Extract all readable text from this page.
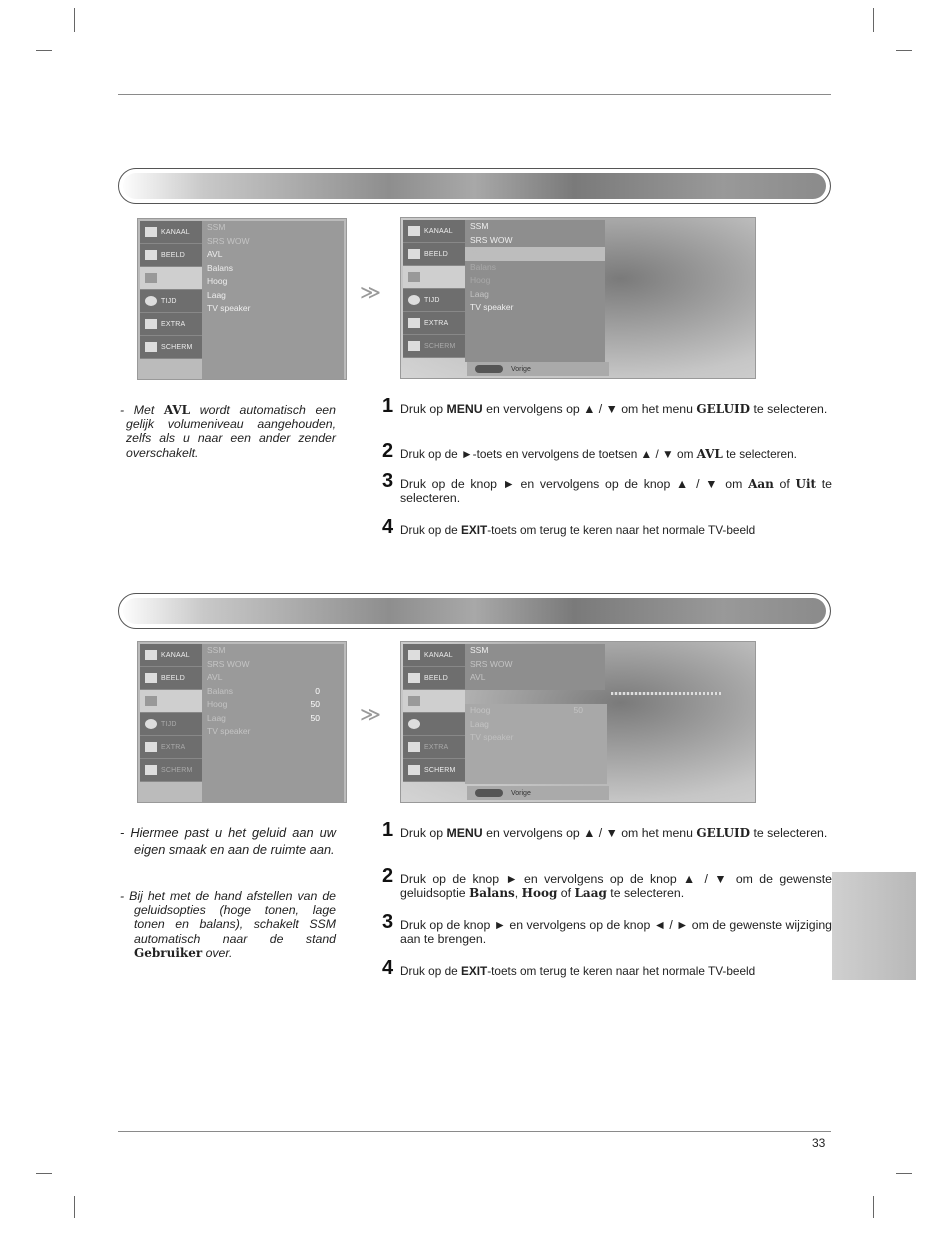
KANAAL
BEELD
TIJD
EXTRA
SCHERM
SSM
SRS WOW
AVL
Balans
Hoog
Laag
TV speaker
≫
KANAAL
BEELD
TIJD
EXTRA
SCHERM
SSM
SRS WOW
AVL
Balans
Hoog
Laag
TV speaker
Vorige
- Met AVL wordt automatisch een gelijk volumeniveau aangehouden, zelfs als u naar een ander zender overschakelt.
1 Druk op MENU en vervolgens op ▲ / ▼ om het menu GELUID te selecteren.
2 Druk op de ►-toets en vervolgens de toetsen ▲ / ▼ om AVL te selecteren.
3 Druk op de knop ► en vervolgens op de knop ▲ / ▼ om Aan of Uit te selecteren.
4 Druk op de EXIT-toets om terug te keren naar het normale TV-beeld
KANAAL
BEELD
TIJD
EXTRA
SCHERM
SSM
SRS WOW
AVL
Balans	0
Hoog	50
Laag	50
TV speaker
≫
KANAAL
BEELD
EXTRA
SCHERM
SSM
SRS WOW
AVL
Hoog	50
Laag
TV speaker
Vorige
- Hiermee past u het geluid aan uw eigen smaak en aan de ruimte aan.
- Bij het met de hand afstellen van de geluidsopties (hoge tonen, lage tonen en balans), schakelt SSM automatisch naar de stand Gebruiker over.
1 Druk op MENU en vervolgens op ▲ / ▼ om het menu GELUID te selecteren.
2 Druk op de knop ► en vervolgens op de knop ▲ / ▼ om de gewenste geluidsoptie Balans, Hoog of Laag te selecteren.
3 Druk op de knop ► en vervolgens op de knop ◄ / ► om de gewenste wijziging aan te brengen.
4 Druk op de EXIT-toets om terug te keren naar het normale TV-beeld
33
